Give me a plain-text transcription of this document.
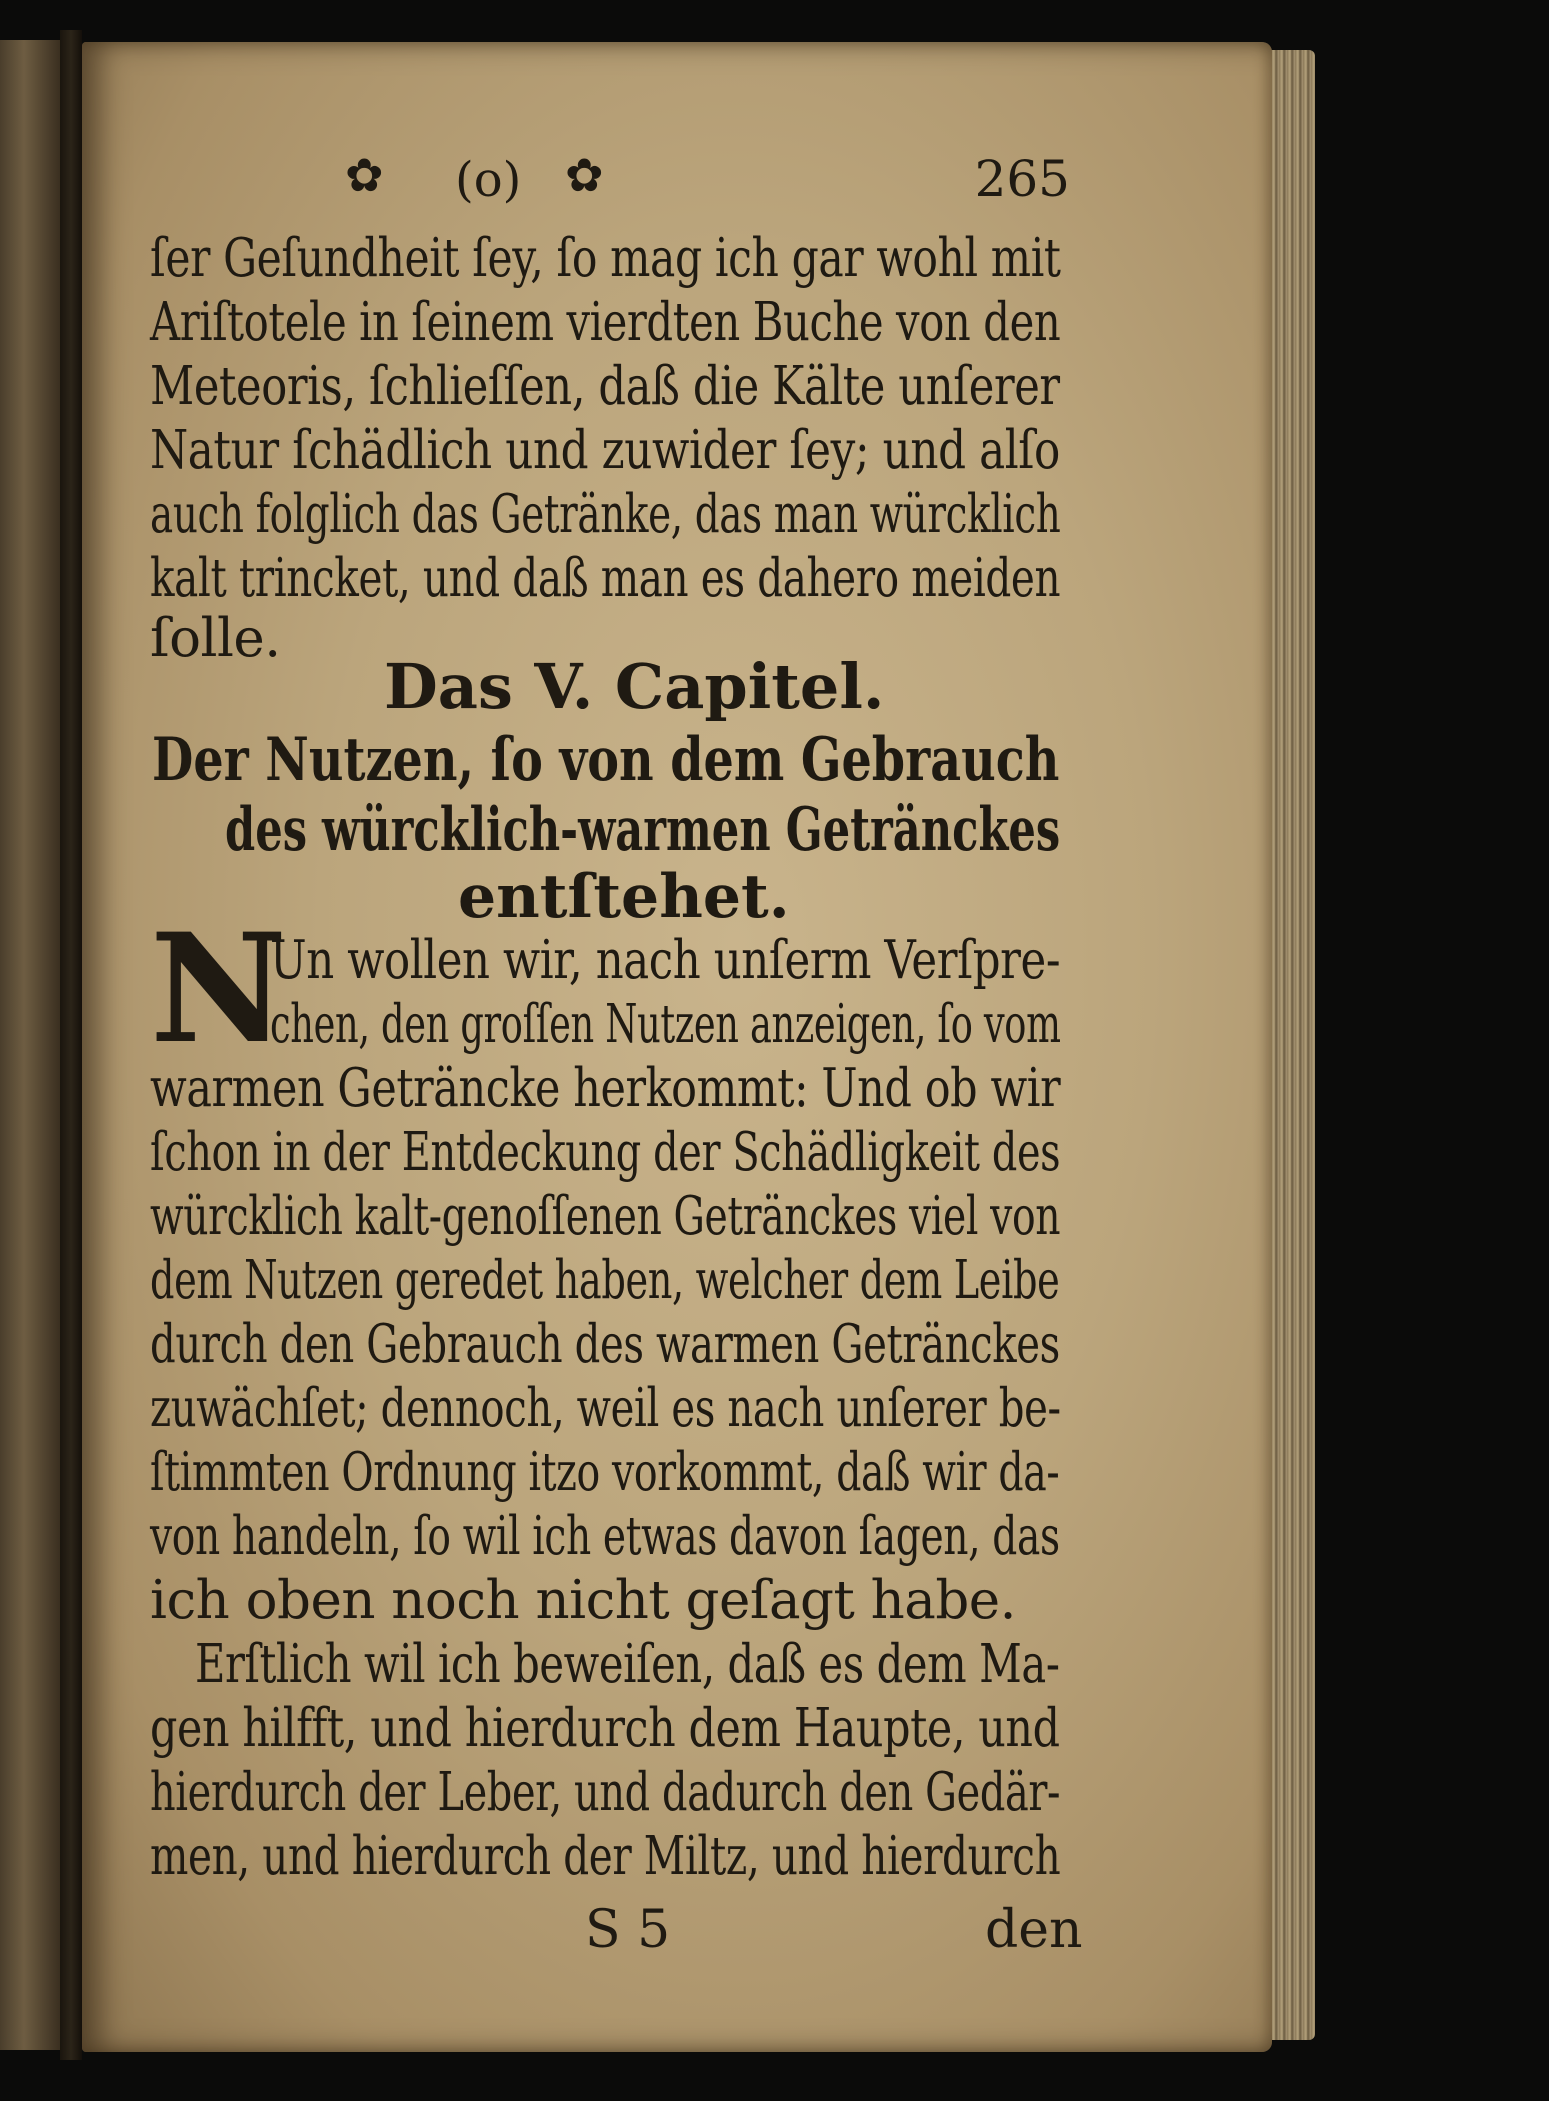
✿ (o) ✿	265
ſer Geſundheit ſey, ſo mag ich gar wohl mit
Ariſtotele in ſeinem vierdten Buche von den
Meteoris, ſchlieſſen, daß die Kälte unſerer
Natur ſchädlich und zuwider ſey; und alſo
auch folglich das Getränke, das man würcklich
kalt trincket, und daß man es dahero meiden
ſolle.
Das V. Capitel.
Der Nutzen, ſo von dem Gebrauch
des würcklich-warmen Getränckes
entſtehet.
N
Un wollen wir, nach unſerm Verſpre-
chen, den groſſen Nutzen anzeigen, ſo vom
warmen Geträncke herkommt: Und ob wir
ſchon in der Entdeckung der Schädligkeit des
würcklich kalt-genoſſenen Getränckes viel von
dem Nutzen geredet haben, welcher dem Leibe
durch den Gebrauch des warmen Getränckes
zuwächſet; dennoch, weil es nach unſerer be-
ſtimmten Ordnung itzo vorkommt, daß wir da-
von handeln, ſo wil ich etwas davon ſagen, das
ich oben noch nicht geſagt habe.
Erſtlich wil ich beweiſen, daß es dem Ma-
gen hilfft, und hierdurch dem Haupte, und
hierdurch der Leber, und dadurch den Gedär-
men, und hierdurch der Miltz, und hierdurch
S 5	den
